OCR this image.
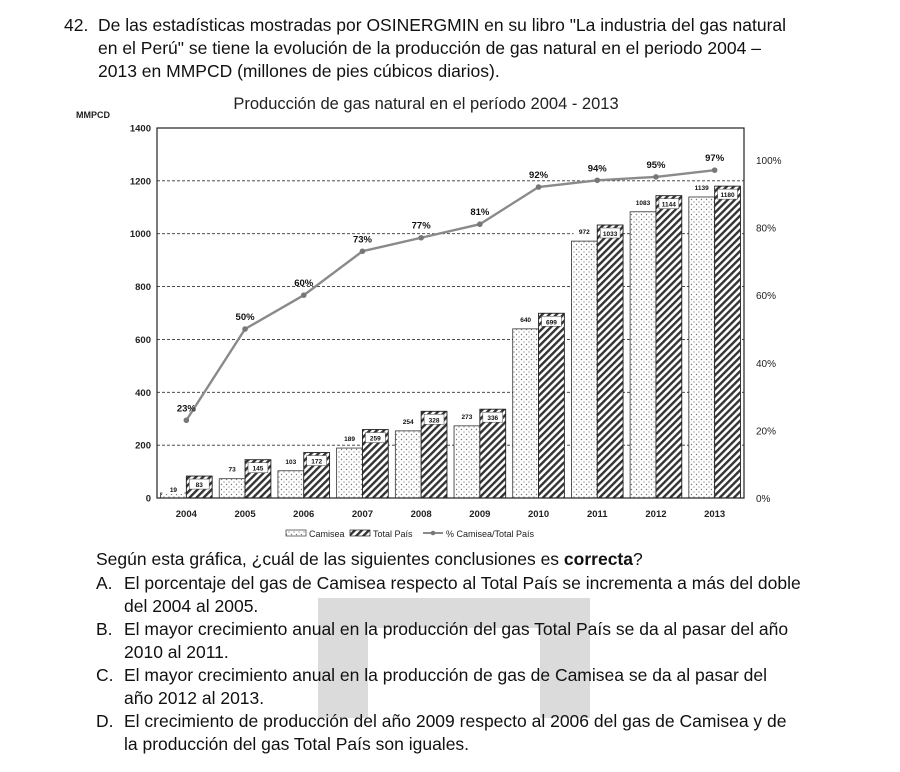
42. De las estadísticas mostradas por OSINERGMIN en su libro "La industria del gas natural
en el Perú" se tiene la evolución de la producción de gas natural en el periodo 2004 –
2013 en MMPCD (millones de pies cúbicos diarios).
23%
50%
60%
73%
77%
81%
92%
94%	95%
97%
0
200
400
600
800
1000
1200
1400
0%
20%
40%
60%
80%
100%
2004	2005	2006	2007	2008	2009	2010	2011	2012	2013
19
83
73	145
103 172
189 259
254 328	273 336
640 699
972 1033
1083 1144
1139
1180
Producción de gas natural en el período 2004 - 2013
MMPCD
Camisea	Total País	% Camisea/Total País
Según esta gráfica, ¿cuál de las siguientes conclusiones es correcta?
A. El porcentaje del gas de Camisea respecto al Total País se incrementa a más del doble
del 2004 al 2005.
B. El mayor crecimiento anual en la producción del gas Total País se da al pasar del año
2010 al 2011.
C. El mayor crecimiento anual en la producción de gas de Camisea se da al pasar del
año 2012 al 2013.
D. El crecimiento de producción del año 2009 respecto al 2006 del gas de Camisea y de
la producción del gas Total País son iguales.
